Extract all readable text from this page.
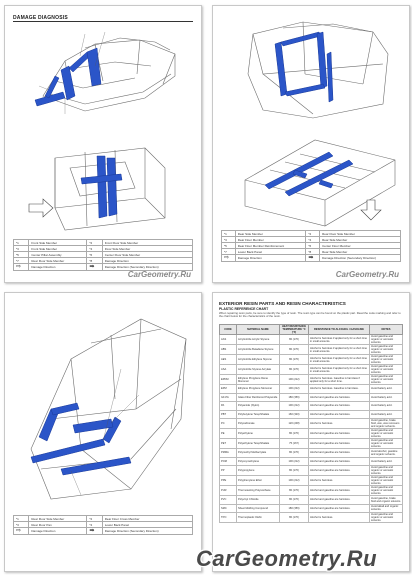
DAMAGE DIAGNOSIS
*1	Front Side Member	*2	Front Floor Side Member
*3	Front Side Member	*4	Floor Side Member
*5	Center Pillar Assembly	*6	Center Floor Side Member
*7	Rear Floor Side Member	*8	Damage Direction
⇨	Damage Direction	➡	Damage Direction (Secondary Direction)
CarGeometry.Ru
*1	Rear Side Member	*2	Rear Floor Side Member
*3	Rear Floor Member	*4	Rear Side Member
*5	Rear Floor Member Reinforcement	*6	Center Floor Member
*7	Lower Back Panel	*8	Rear Side Member
⇨	Damage Direction	➡	Damage Direction (Secondary Direction)
CarGeometry.Ru
*1	Rear Floor Side Member	*2	Rear Floor Cross Member
*3	Rear Floor Pan	*4	Lower Back Panel
⇨	Damage Direction	➡	Damage Direction (Secondary Direction)
EXTERIOR RESIN PARTS AND RESIN CHARACTERISTICS
PLASTIC REFERENCE CHART
When repairing resin parts, be sure to identify the type of resin. The resin type can be found on the plastic part. Read the code marking and refer to the chart below for the characteristics of the resin.
CODE	MATERIAL NAME	HEAT RESISTANCE TEMPERATURE °C (°F)	RESISTANCE TO ALCOHOL / GASOLINE	NOTES
AAS	Acrylonitrile Acrylic Styrene	80 (176)	Alcohol is harmless if applied only for a short time in small amounts.	Avoid gasoline and organic or aromatic solvents.
ABS	Acrylonitrile Butadiene Styrene	80 (176)	Alcohol is harmless if applied only for a short time in small amounts.	Avoid gasoline and organic or aromatic solvents.
AES	Acrylonitrile Ethylene Styrene	80 (176)	Alcohol is harmless if applied only for a short time in small amounts.	Avoid gasoline and organic or aromatic solvents.
ASA	Acrylonitrile Styrene Acrylate	80 (176)	Alcohol is harmless if applied only for a short time in small amounts.	Avoid gasoline and organic or aromatic solvents.
EPDM	Ethylene Propylene Diene Monomer	100 (212)	Alcohol is harmless. Gasoline is harmless if applied only for a short time.	Avoid gasoline and organic or aromatic solvents.
EPM	Ethylene Propylene Monomer	100 (212)	Alcohol is harmless. Gasoline is harmless.	Avoid battery acid.
GF-PA	Glass Fiber Reinforced Polyamide	180 (356)	Alcohol and gasoline are harmless.	Avoid battery acid.
PA	Polyamide (Nylon)	100 (212)	Alcohol and gasoline are harmless.	Avoid battery acid.
PBT	Polybutylene Terephthalate	160 (320)	Alcohol and gasoline are harmless.	Avoid battery acid.
PC	Polycarbonate	120 (248)	Alcohol is harmless.	Avoid gasoline, brake fluid, wax, wax removers and organic solvents.
PE	Polyethylene	80 (176)	Alcohol and gasoline are harmless.	Avoid gasoline and organic or aromatic solvents.
PET	Polyethylene Terephthalate	75 (167)	Alcohol and gasoline are harmless.	Avoid gasoline and organic or aromatic solvents.
PMMA	Polymethyl Methacrylate	80 (176)	Alcohol and gasoline are harmless.	Avoid alcohol, gasoline and organic solvents.
POM	Polyoxymethylene	100 (212)	Alcohol and gasoline are harmless.	Avoid battery acid.
PP	Polypropylene	80 (176)	Alcohol and gasoline are harmless.	Avoid gasoline and organic or aromatic solvents.
PPE	Polyphenylene Ether	100 (212)	Alcohol is harmless.	Avoid gasoline and organic or aromatic solvents.
PUR	Thermosetting Polyurethane	80 (176)	Alcohol and gasoline are harmless.	Avoid gasoline and organic or aromatic solvents.
PVC	Polyvinyl Chloride	80 (176)	Alcohol and gasoline are harmless.	Avoid gasoline, brake fluid and organic solvents.
SMC	Sheet Molding Compound	180 (356)	Alcohol and gasoline are harmless.	Avoid alkali and organic solvents.
TPO	Thermoplastic Olefin	80 (176)	Alcohol is harmless.	Avoid gasoline and organic or aromatic solvents.
CarGeometry.Ru
